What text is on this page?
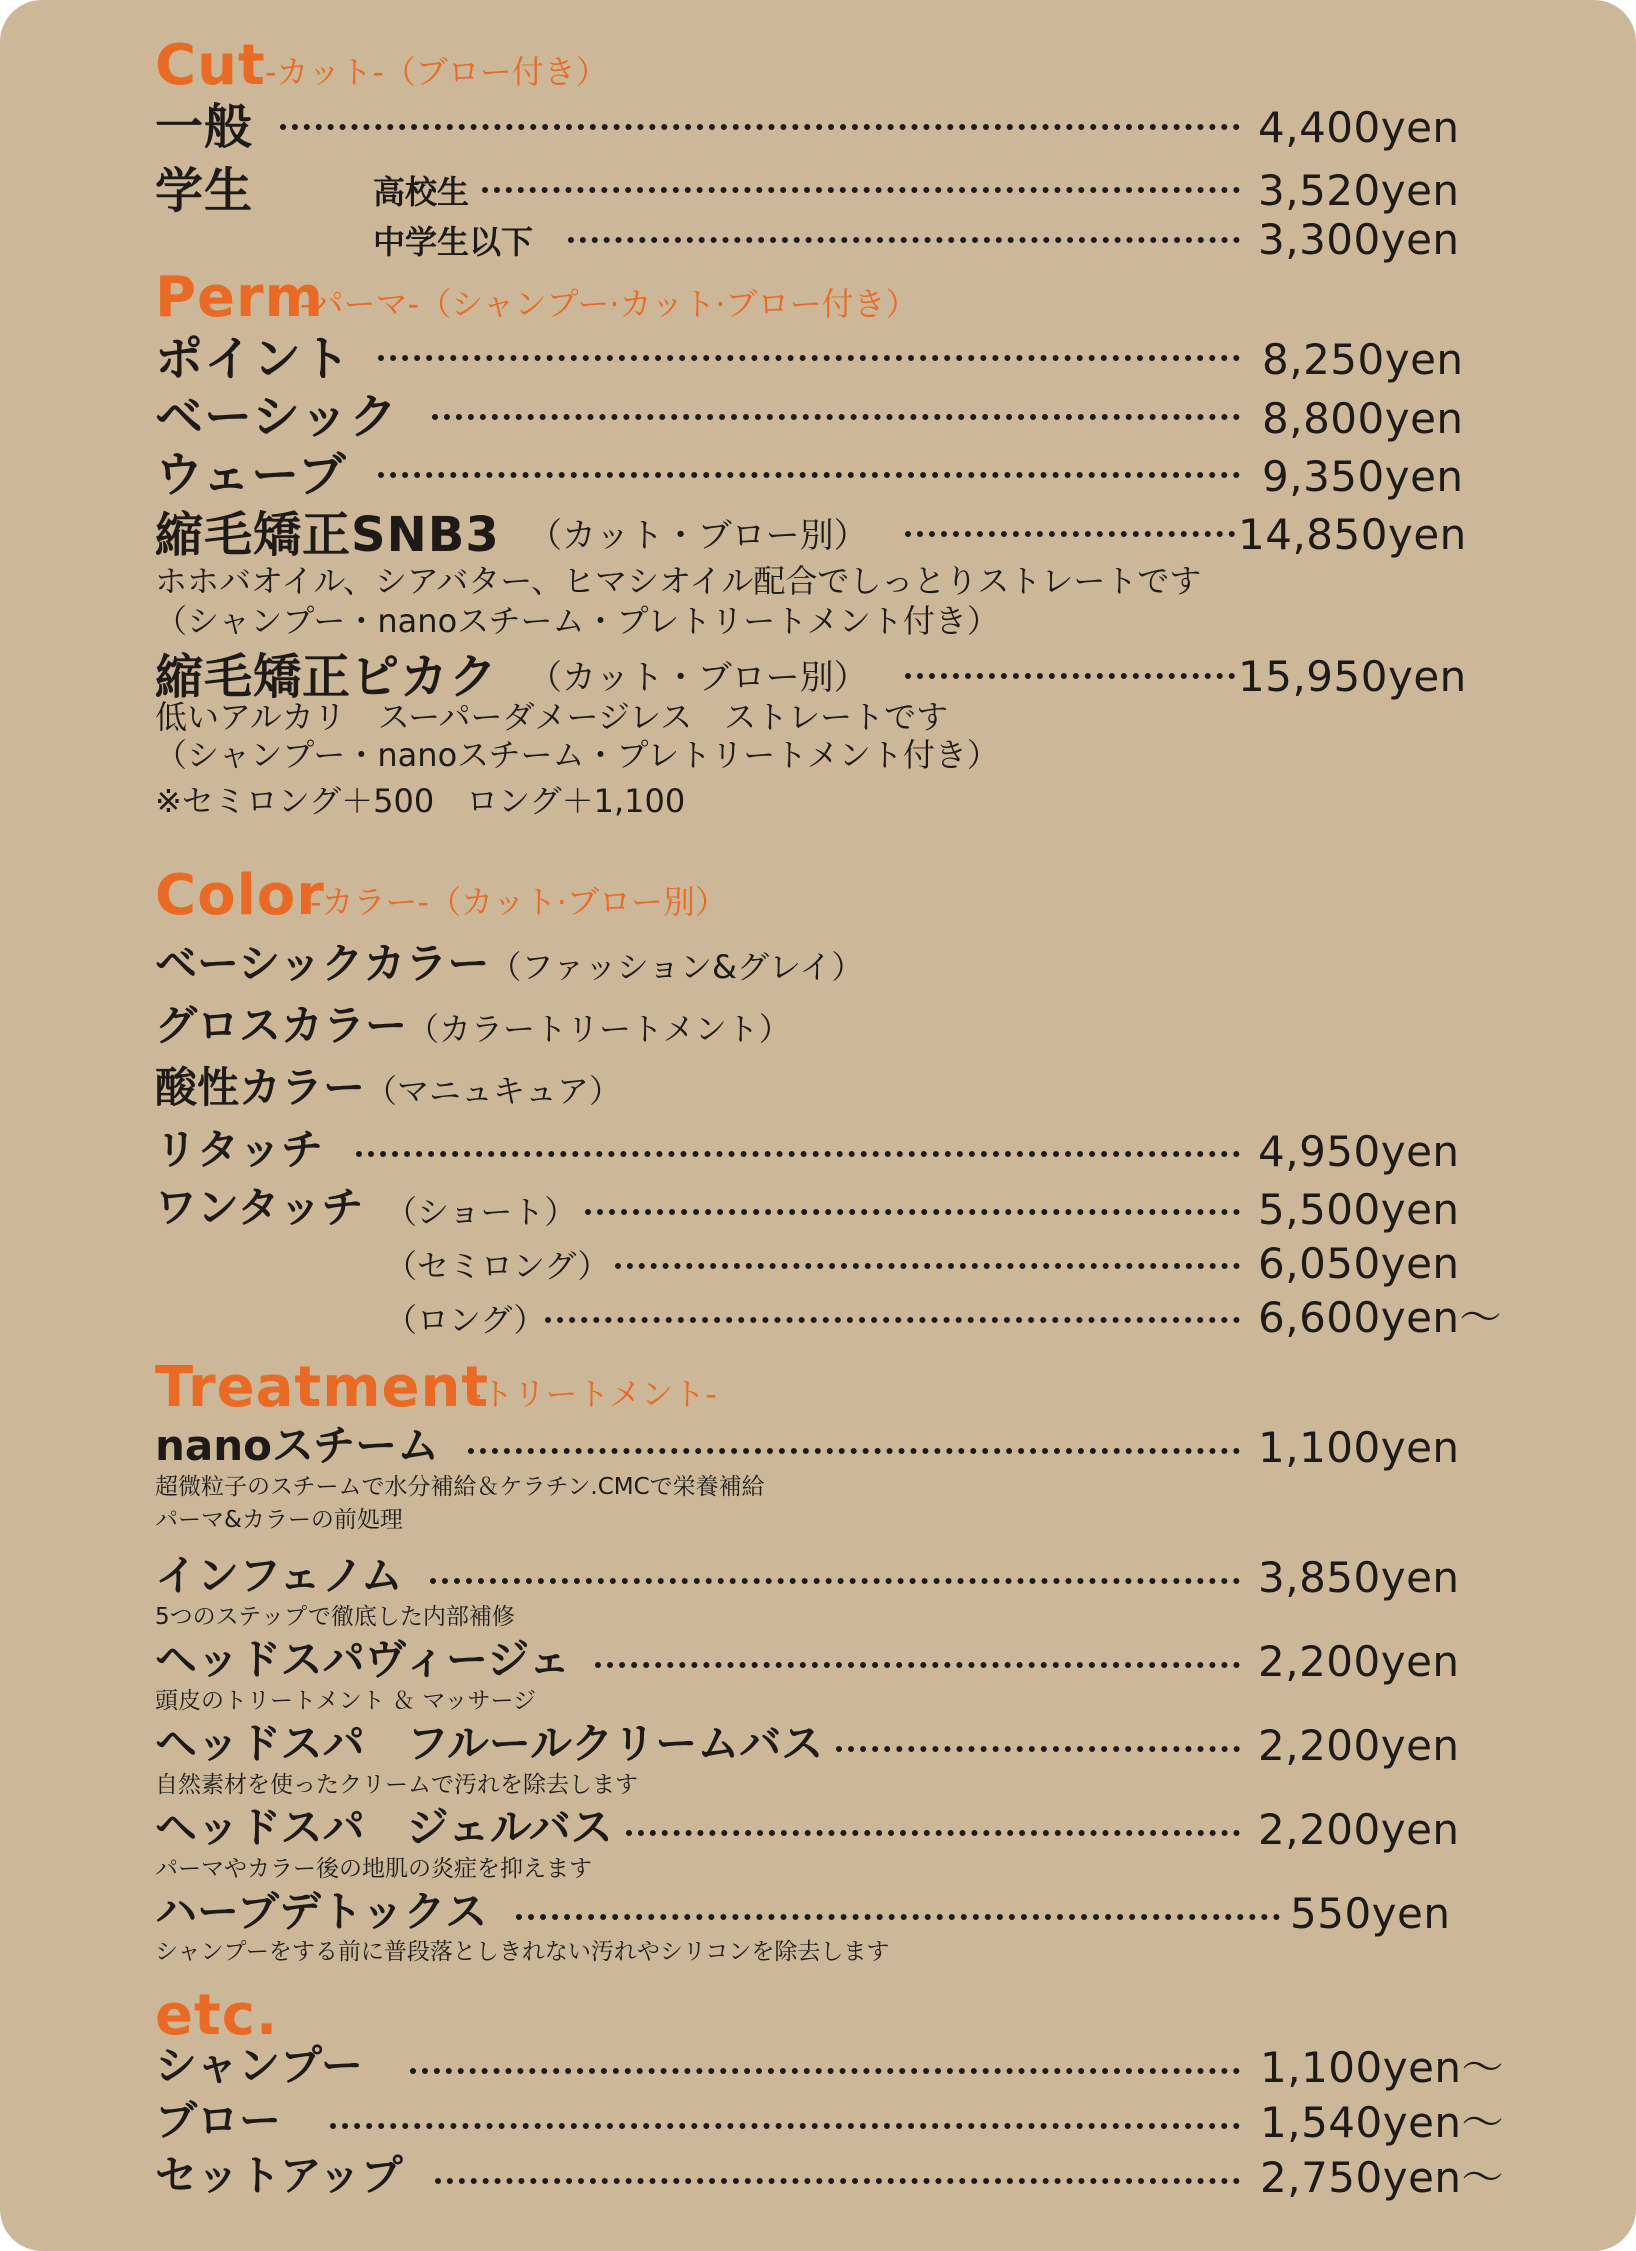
Cut -カット-（ブロー付き）
一般	4,400yen
学生	高校生	3,520yen
中学生以下	3,300yen
Perm
-パーマ-（シャンプー·カット·ブロー付き）
ポイント	8,250yen
ベーシック	8,800yen
ウェーブ	9,350yen
縮毛矯正SNB3 （カット・ブロー別）	14,850yen
ホホバオイル、シアバター、ヒマシオイル配合でしっとりストレートです
（シャンプー・nanoスチーム・プレトリートメント付き）
縮毛矯正ピカク （カット・ブロー別）	15,950yen
低いアルカリ　スーパーダメージレス　ストレートです
（シャンプー・nanoスチーム・プレトリートメント付き）
※セミロング＋500　ロング＋1,100
Color
-カラー-（カット·ブロー別）
ベーシックカラー（ファッション&グレイ）
グロスカラー（カラートリートメント）
酸性カラー（マニュキュア）
リタッチ	4,950yen
ワンタッチ （ショート）	5,500yen
（セミロング）	6,050yen
（ロング）	6,600yen〜
Treatment
-トリートメント-
nanoスチーム	1,100yen
超微粒子のスチームで水分補給＆ケラチン.CMCで栄養補給
パーマ&カラーの前処理
インフェノム	3,850yen
5つのステップで徹底した内部補修
ヘッドスパヴィージェ	2,200yen
頭皮のトリートメント ＆ マッサージ
ヘッドスパ　フルールクリームバス	2,200yen
自然素材を使ったクリームで汚れを除去します
ヘッドスパ　ジェルバス	2,200yen
パーマやカラー後の地肌の炎症を抑えます
ハーブデトックス	550yen
シャンプーをする前に普段落としきれない汚れやシリコンを除去します
etc.
シャンプー	1,100yen〜
ブロー	1,540yen〜
セットアップ	2,750yen〜
